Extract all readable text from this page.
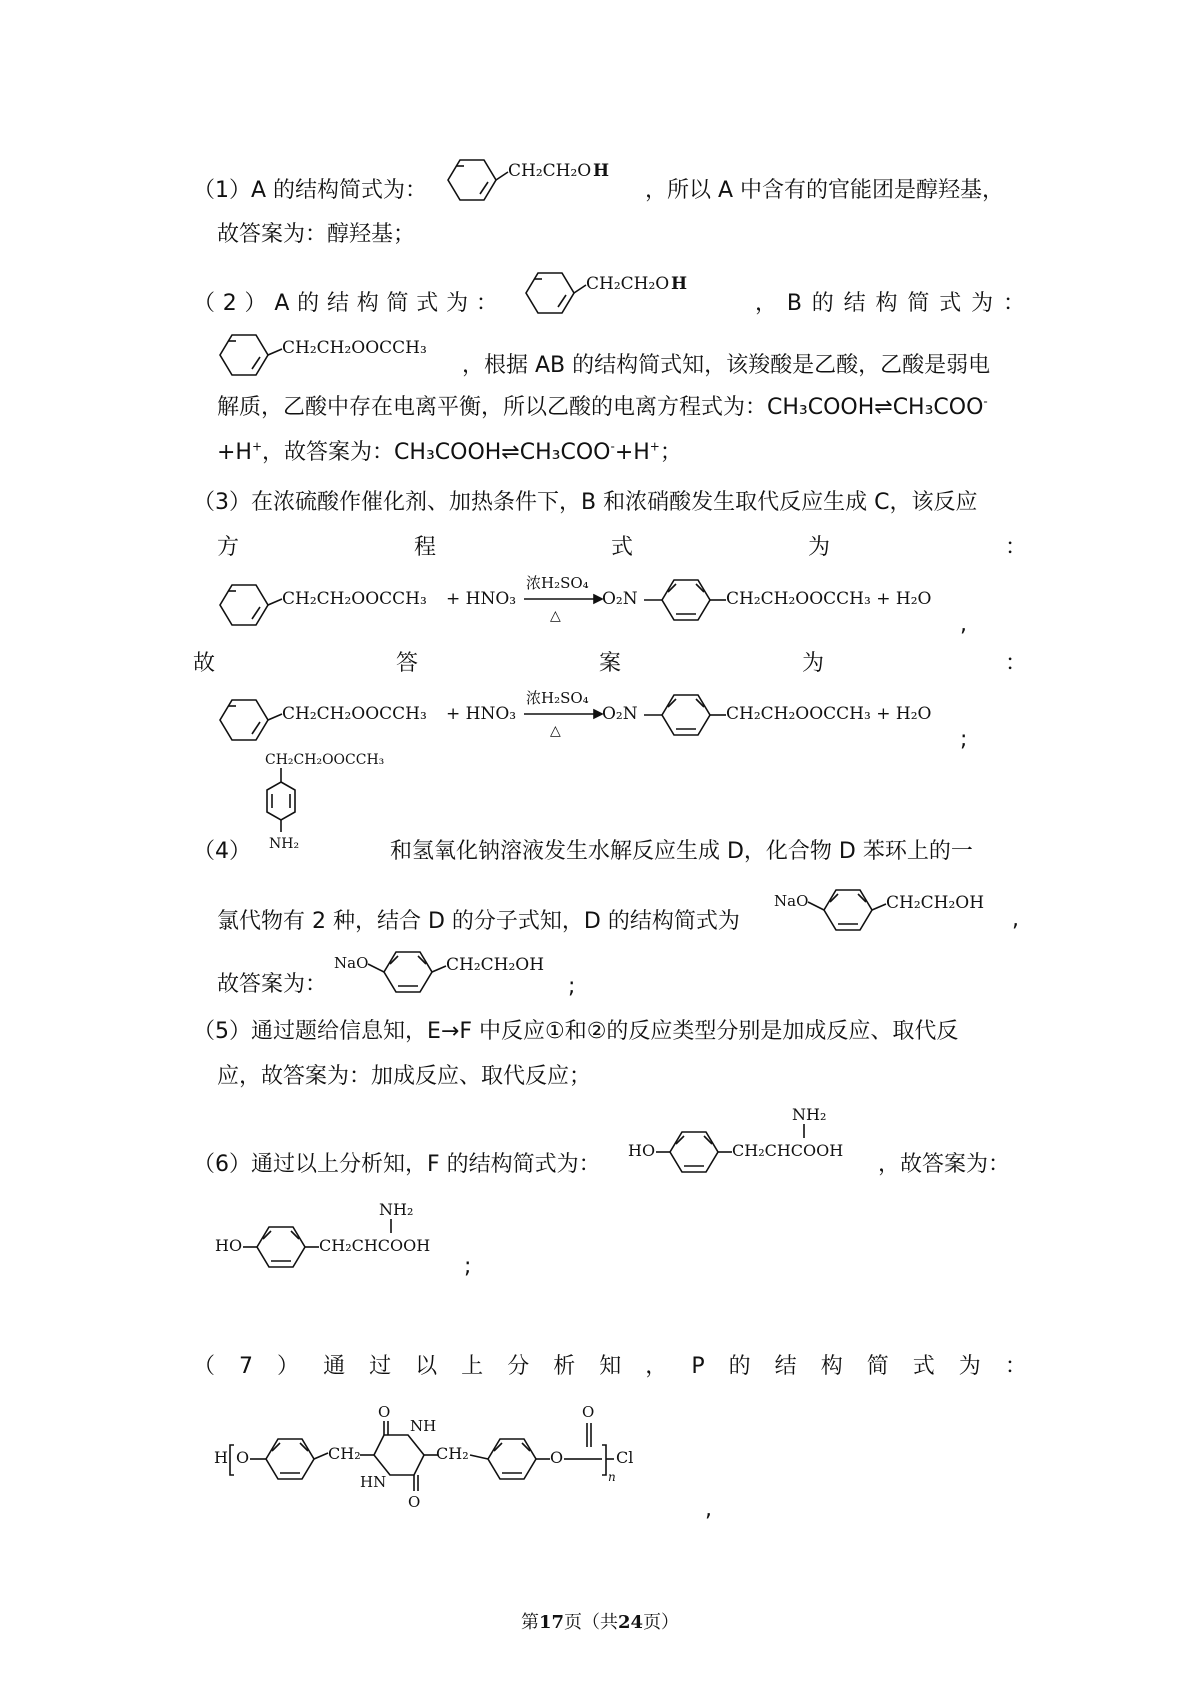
（1）A 的结构简式为：
CH₂CH₂O H
，所以 A 中含有的官能团是醇羟基，
故答案为：醇羟基；
（ 2 ） A 的 结 构 简 式 为 ：
CH₂CH₂O H
， B 的 结 构 简 式 为 ：
CH₂CH₂OOCCH₃
，根据 AB 的结构简式知，该羧酸是乙酸，乙酸是弱电
解质，乙酸中存在电离平衡，所以乙酸的电离方程式为：CH₃COOH⇌CH₃COO-
+H+，故答案为：CH₃COOH⇌CH₃COO-+H+；
（3）在浓硫酸作催化剂、加热条件下，B 和浓硝酸发生取代反应生成 C，该反应
方	程	式	为	：
CH₂CH₂OOCCH₃ + HNO₃
浓H₂SO₄
△
O₂N	CH₂CH₂OOCCH₃ + H₂O
,
故	答	案	为	：
CH₂CH₂OOCCH₃ + HNO₃
浓H₂SO₄
△
O₂N	CH₂CH₂OOCCH₃ + H₂O
;
CH₂CH₂OOCCH₃
NH₂
（4）	和氢氧化钠溶液发生水解反应生成 D，化合物 D 苯环上的一
氯代物有 2 种，结合 D 的分子式知，D 的结构简式为
NaO	CH₂CH₂OH
,
故答案为：
NaO	CH₂CH₂OH
;
（5）通过题给信息知，E→F 中反应①和②的反应类型分别是加成反应、取代反
应，故答案为：加成反应、取代反应；
（6）通过以上分析知，F 的结构简式为：
NH₂
HO	CH₂CHCOOH
，故答案为：
NH₂
HO	CH₂CHCOOH
;
（ 7 ） 通 过 以 上 分 析 知 ， P 的 结 构 简 式 为 ：
H O	CH₂
O
NH
HN
O
CH₂	O
O
n
Cl
,
第17页（共24页）
